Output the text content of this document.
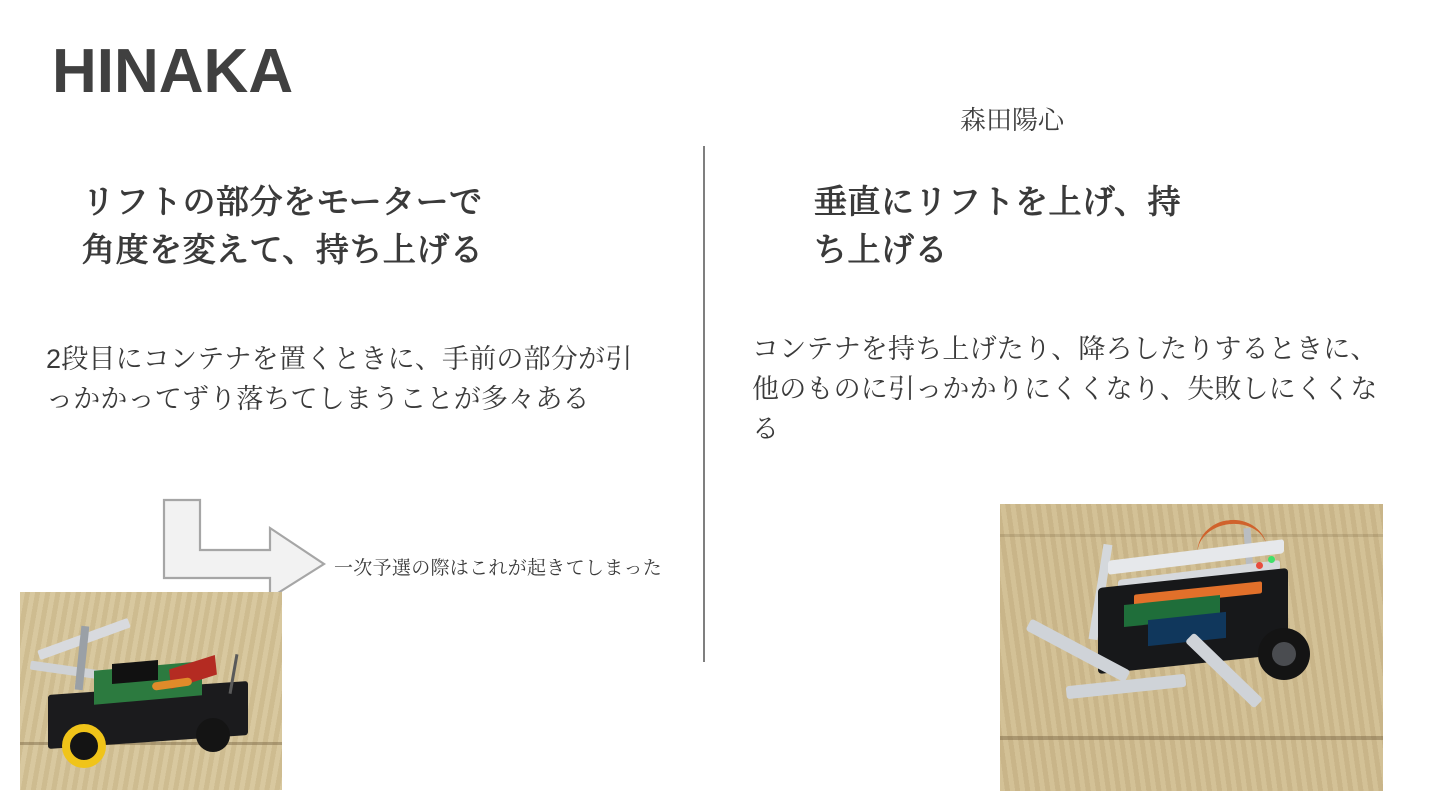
HINAKA
森田陽心
リフトの部分をモーターで
角度を変えて、持ち上げる
2段目にコンテナを置くときに、手前の部分が引っかかってずり落ちてしまうことが多々ある
一次予選の際はこれが起きてしまった
垂直にリフトを上げ、持
ち上げる
コンテナを持ち上げたり、降ろしたりするときに、他のものに引っかかりにくくなり、失敗しにくくなる
